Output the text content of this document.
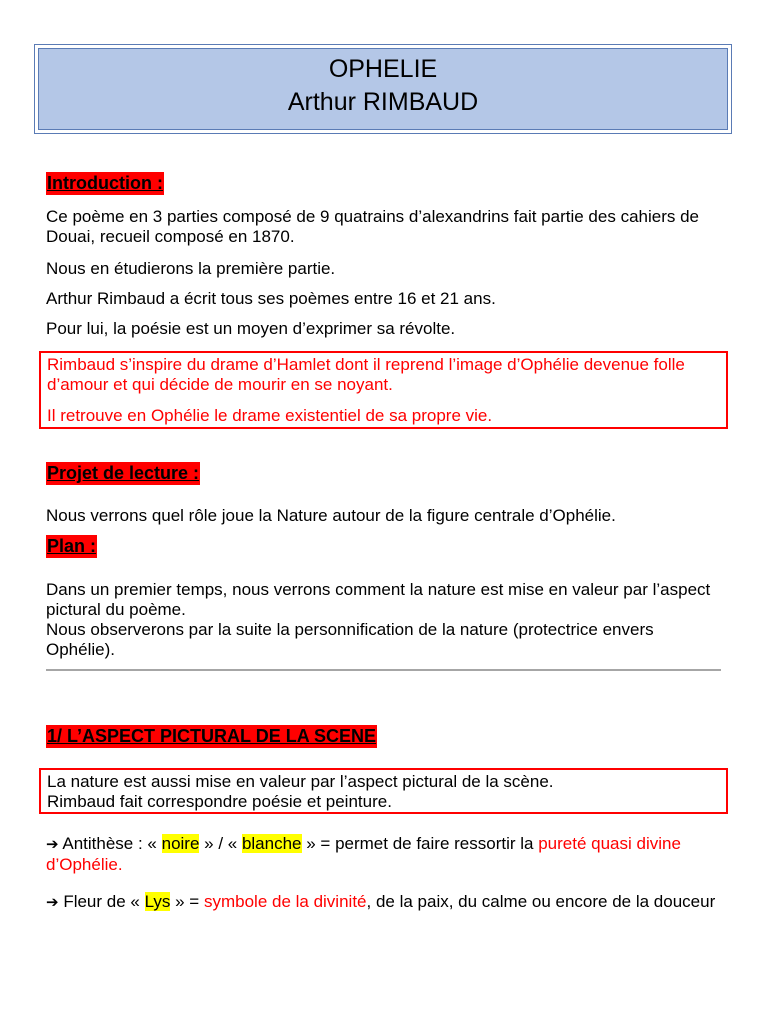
OPHELIE
Arthur RIMBAUD
Introduction :
Ce poème en 3 parties composé de 9 quatrains d’alexandrins fait partie des cahiers de Douai, recueil composé en 1870.
Nous en étudierons la première partie.
Arthur Rimbaud a écrit tous ses poèmes entre 16 et 21 ans.
Pour lui, la poésie est un moyen d’exprimer sa révolte.
Rimbaud s’inspire du drame d’Hamlet dont il reprend l’image d’Ophélie devenue folle d’amour et qui décide de mourir en se noyant.
Il retrouve en Ophélie le drame existentiel de sa propre vie.
Projet de lecture :
Nous verrons quel rôle joue la Nature autour de la figure centrale d’Ophélie.
Plan :
Dans un premier temps, nous verrons comment la nature est mise en valeur par l’aspect pictural du poème.
Nous observerons par la suite la personnification de la nature (protectrice envers Ophélie).
1/ L’ASPECT PICTURAL DE LA SCENE
La nature est aussi mise en valeur par l’aspect pictural de la scène.
Rimbaud fait correspondre poésie et peinture.
➔ Antithèse : « noire » / « blanche » = permet de faire ressortir la pureté quasi divine d’Ophélie.
➔ Fleur de « Lys » = symbole de la divinité, de la paix, du calme ou encore de la douceur
